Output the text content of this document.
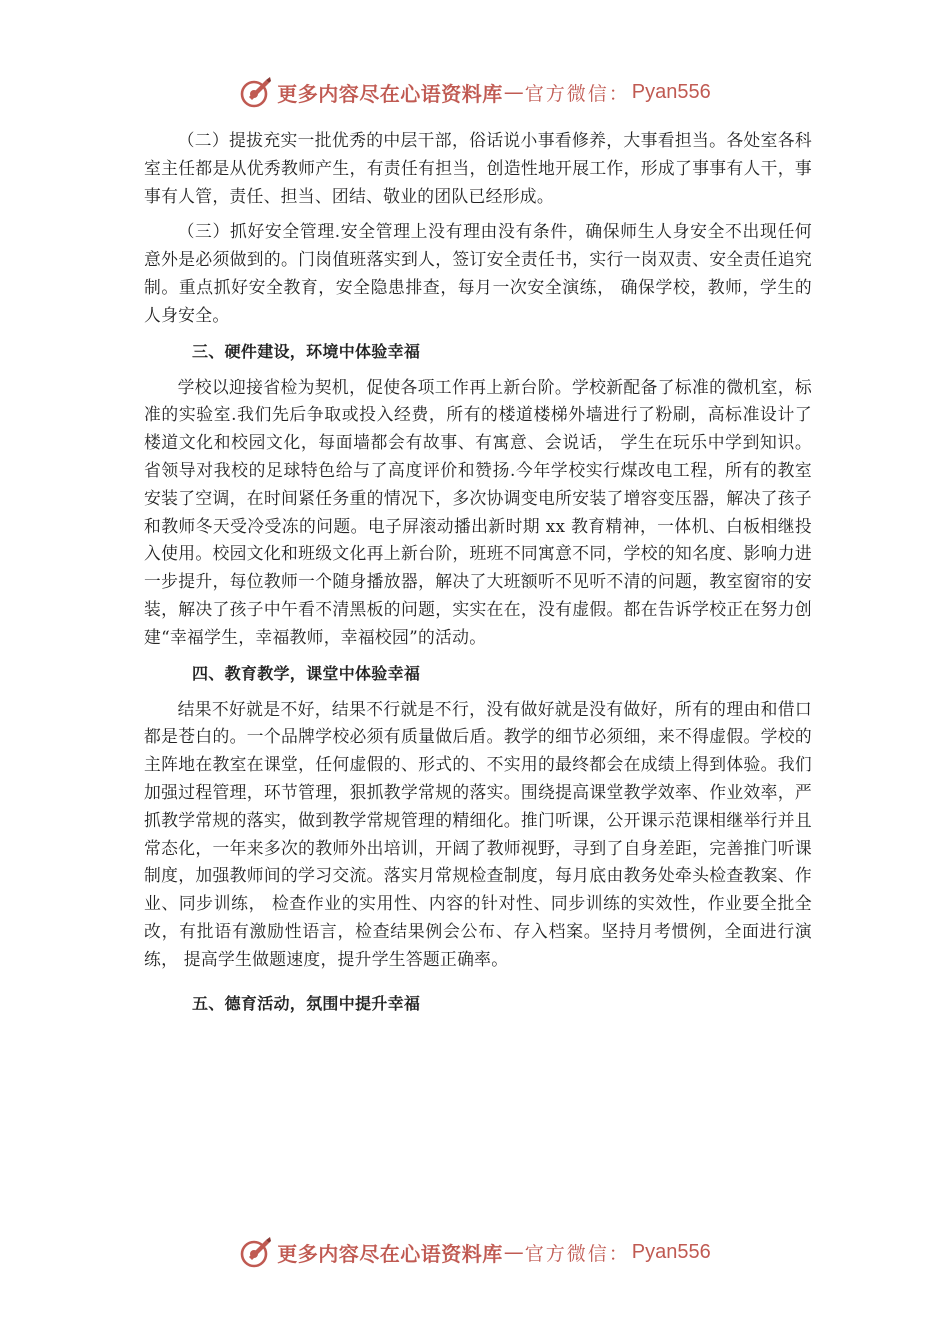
更多内容尽在心语资料库 — 官方微信： Pyan556

（二）提拔充实一批优秀的中层干部，俗话说小事看修养，大事看担当。各处室各科室主任都是从优秀教师产生，有责任有担当，创造性地开展工作，形成了事事有人干，事事有人管，责任、担当、团结、敬业的团队已经形成。

（三）抓好安全管理.安全管理上没有理由没有条件，确保师生人身安全不出现任何意外是必须做到的。门岗值班落实到人，签订安全责任书，实行一岗双责、安全责任追究制。重点抓好安全教育，安全隐患排查，每月一次安全演练， 确保学校，教师，学生的人身安全。

三、硬件建设，环境中体验幸福

学校以迎接省检为契机，促使各项工作再上新台阶。学校新配备了标准的微机室，标准的实验室.我们先后争取或投入经费，所有的楼道楼梯外墙进行了粉刷，高标准设计了楼道文化和校园文化，每面墙都会有故事、有寓意、会说话， 学生在玩乐中学到知识。省领导对我校的足球特色给与了高度评价和赞扬.今年学校实行煤改电工程，所有的教室安装了空调，在时间紧任务重的情况下，多次协调变电所安装了增容变压器，解决了孩子和教师冬天受冷受冻的问题。电子屏滚动播出新时期 xx 教育精神，一体机、白板相继投入使用。校园文化和班级文化再上新台阶，班班不同寓意不同，学校的知名度、影响力进一步提升，每位教师一个随身播放器，解决了大班额听不见听不清的问题，教室窗帘的安装，解决了孩子中午看不清黑板的问题，实实在在，没有虚假。都在告诉学校正在努力创建“幸福学生，幸福教师，幸福校园”的活动。

四、教育教学，课堂中体验幸福

结果不好就是不好，结果不行就是不行，没有做好就是没有做好，所有的理由和借口都是苍白的。一个品牌学校必须有质量做后盾。教学的细节必须细，来不得虚假。学校的主阵地在教室在课堂，任何虚假的、形式的、不实用的最终都会在成绩上得到体验。我们加强过程管理，环节管理，狠抓教学常规的落实。围绕提高课堂教学效率、作业效率，严抓教学常规的落实，做到教学常规管理的精细化。推门听课，公开课示范课相继举行并且常态化，一年来多次的教师外出培训，开阔了教师视野，寻到了自身差距，完善推门听课制度，加强教师间的学习交流。落实月常规检查制度，每月底由教务处牵头检查教案、作业、同步训练， 检查作业的实用性、内容的针对性、同步训练的实效性，作业要全批全改，有批语有激励性语言，检查结果例会公布、存入档案。坚持月考惯例，全面进行演练， 提高学生做题速度，提升学生答题正确率。

五、德育活动，氛围中提升幸福
更多内容尽在心语资料库 — 官方微信： Pyan556
